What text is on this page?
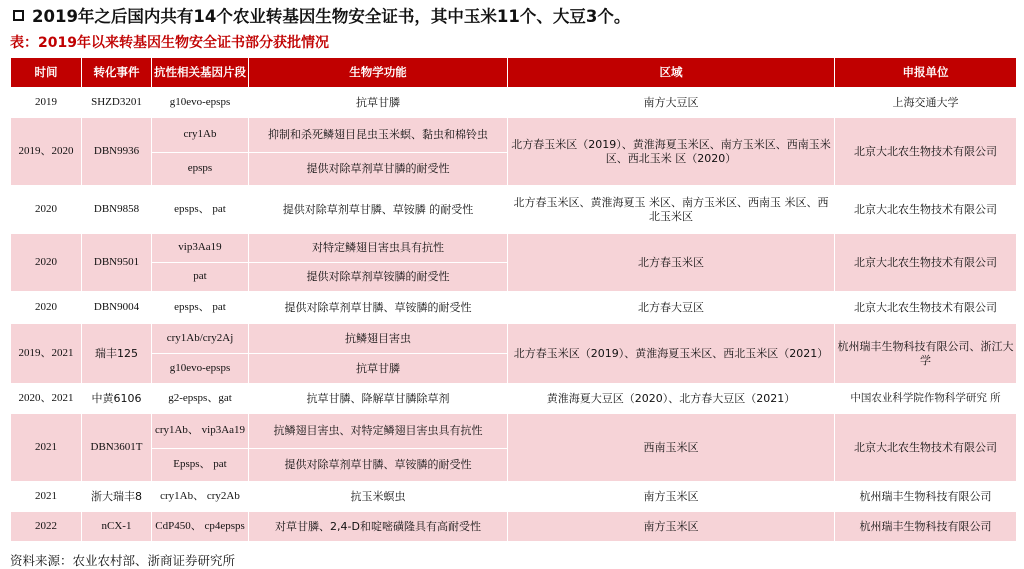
2019年之后国内共有14个农业转基因生物安全证书，其中玉米11个、大豆3个。
表：2019年以来转基因生物安全证书部分获批情况
时间	转化事件	抗性相关基因片段	生物学功能	区域	申报单位
2019	SHZD3201	g10evo-epsps	抗草甘膦	南方大豆区	上海交通大学
2019、2020	DBN9936	cry1Ab	抑制和杀死鳞翅目昆虫玉米螟、黏虫和棉铃虫	北方春玉米区（2019）、黄淮海夏玉米区、南方玉米区、西南玉米区、西北玉米 区（2020）	北京大北农生物技术有限公司
		epsps	提供对除草剂草甘膦的耐受性		
2020	DBN9858	epsps、 pat	提供对除草剂草甘膦、草铵膦 的耐受性	北方春玉米区、黄淮海夏玉 米区、南方玉米区、西南玉 米区、西北玉米区	北京大北农生物技术有限公司
2020	DBN9501	vip3Aa19	对特定鳞翅目害虫具有抗性	北方春玉米区	北京大北农生物技术有限公司
		pat	提供对除草剂草铵膦的耐受性		
2020	DBN9004	epsps、 pat	提供对除草剂草甘膦、草铵膦的耐受性	北方春大豆区	北京大北农生物技术有限公司
2019、2021	瑞丰125	cry1Ab/cry2Aj	抗鳞翅目害虫	北方春玉米区（2019）、黄淮海夏玉米区、西北玉米区（2021）	杭州瑞丰生物科技有限公司、浙江大学
		g10evo-epsps	抗草甘膦		
2020、2021	中黄6106	g2-epsps、gat	抗草甘膦、降解草甘膦除草剂	黄淮海夏大豆区（2020）、北方春大豆区（2021）	中国农业科学院作物科学研究 所
2021	DBN3601T	cry1Ab、 vip3Aa19	抗鳞翅目害虫、对特定鳞翅目害虫具有抗性	西南玉米区	北京大北农生物技术有限公司
		Epsps、 pat	提供对除草剂草甘膦、草铵膦的耐受性		
2021	浙大瑞丰8	cry1Ab、 cry2Ab	抗玉米螟虫	南方玉米区	杭州瑞丰生物科技有限公司
2022	nCX-1	CdP450、 cp4epsps	对草甘膦、2,4-D和啶嘧磺隆具有高耐受性	南方玉米区	杭州瑞丰生物科技有限公司
资料来源：农业农村部、浙商证券研究所
